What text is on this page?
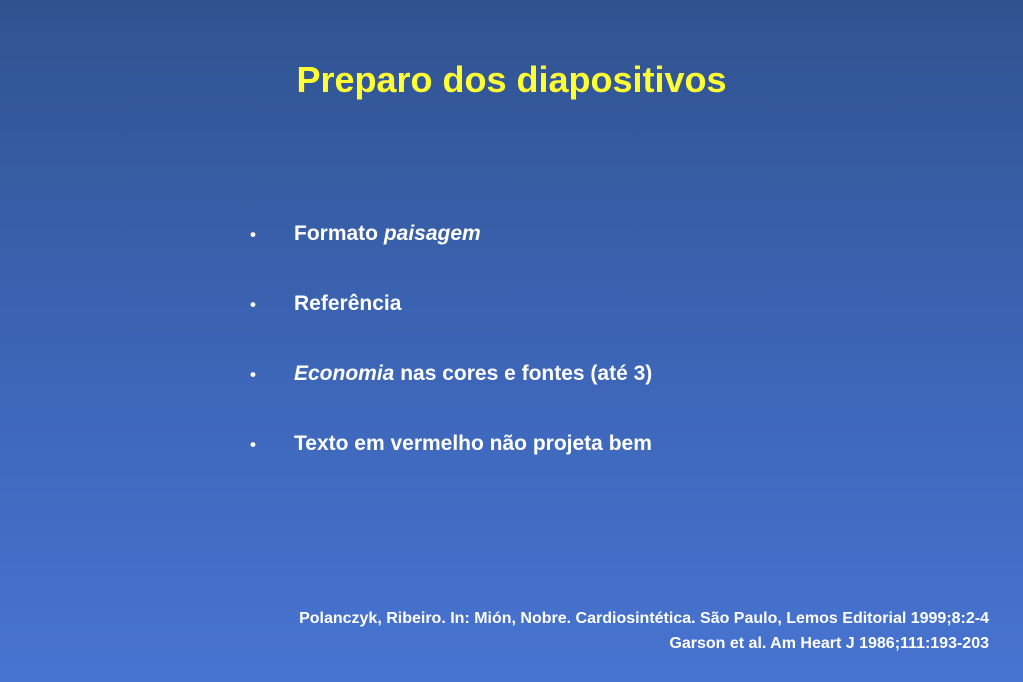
Preparo dos diapositivos
•	Formato paisagem
•	Referência
•	Economia nas cores e fontes (até 3)
•	Texto em vermelho não projeta bem
Polanczyk, Ribeiro. In: Mión, Nobre. Cardiosintética. São Paulo, Lemos Editorial 1999;8:2-4
Garson et al. Am Heart J 1986;111:193-203
